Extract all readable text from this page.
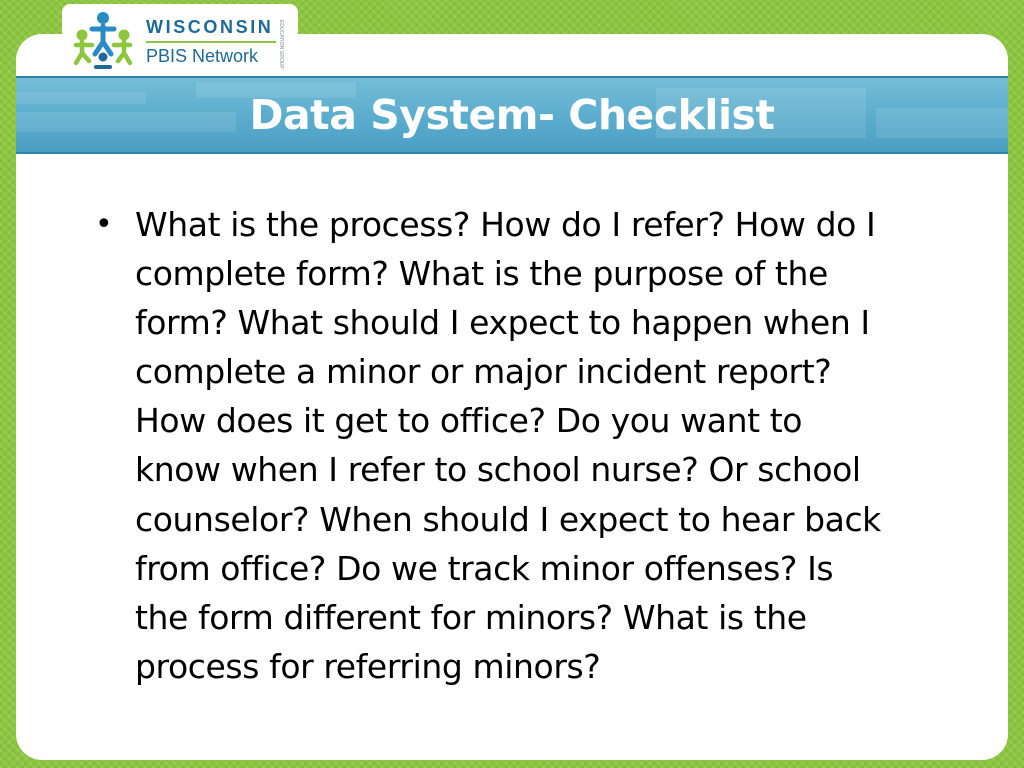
WISCONSIN
PBIS Network	EDUCATION GROUP
Data System- Checklist
• What is the process? How do I refer? How do I
complete form? What is the purpose of the
form? What should I expect to happen when I
complete a minor or major incident report?
How does it get to office? Do you want to
know when I refer to school nurse? Or school
counselor? When should I expect to hear back
from office? Do we track minor offenses? Is
the form different for minors? What is the
process for referring minors?
